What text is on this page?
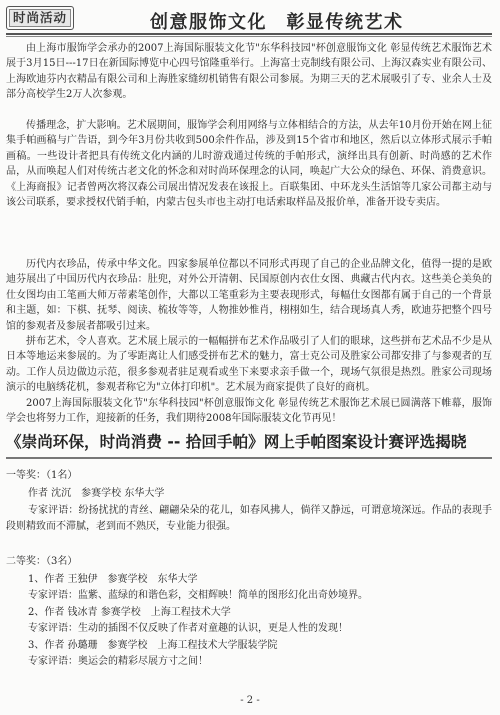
时尚活动	创意服饰文化　彰显传统艺术

由上海市服饰学会承办的2007上海国际服装文化节"东华科技园"杯创意服饰文化 彰显传统艺术服饰艺术展于3月15日---17日在新国际博览中心四号馆隆重举行。上海富士克制线有限公司、上海汉森实业有限公司、上海欧迪芬内衣精品有限公司和上海胜家缝纫机销售有限公司参展。为期三天的艺术展吸引了专、业余人士及部分高校学生2万人次参观。

传播理念，扩大影响。艺术展期间，服饰学会利用网络与立体相结合的方法，从去年10月份开始在网上征集手帕画稿与广告语，到今年3月份共收到500余件作品，涉及到15个省市和地区，然后以立体形式展示手帕画稿。一些设计者把具有传统文化内涵的儿时游戏通过传统的手帕形式，演绎出具有创新、时尚感的艺术作品，从而唤起人们对传统古老文化的怀念和对时尚环保理念的认同，唤起广大公众的绿色、环保、消费意识。《上海商报》记者曾两次将汉森公司展出情况发表在该报上。百联集团、中环龙头生活馆等几家公司都主动与该公司联系，要求授权代销手帕，内蒙古包头市也主动打电话索取样品及报价单，准备开设专卖店。

历代内衣珍品，传承中华文化。四家参展单位都以不同形式再现了自己的企业品牌文化，值得一提的是欧迪芬展出了中国历代内衣珍品：肚兜，对外公开清朝、民国原创内衣仕女图、典藏古代内衣。这些美仑美奂的仕女图均由工笔画大师万蒂素笔创作，大都以工笔重彩为主要表现形式，每幅仕女图都有属于自己的一个背景和主题，如：下棋、抚琴、阅读、梳妆等等，人物推妙惟肖，栩栩如生，结合现场真人秀，欧迪芬把整个四号馆的参观者及参展者都吸引过来。

拼布艺术，令人喜欢。艺术展上展示的一幅幅拼布艺术作品吸引了人们的眼球，这些拼布艺术品不少是从日本等地运来参展的。为了零距离让人们感受拼布艺术的魅力，富士克公司及胜家公司都安排了与参观者的互动。工作人员边做边示范，很多参观者驻足观看或坐下来要求亲手做一个，现场气氛很是热烈。胜家公司现场演示的电脑绣花机，参观者称它为"立体打印机"。艺术展为商家提供了良好的商机。

2007上海国际服装文化节"东华科技园"杯创意服饰文化 彰显传统艺术服饰艺术展已圆满落下帷幕，服饰学会也将努力工作，迎接新的任务，我们期待2008年国际服装文化节再见！

《崇尚环保，时尚消费 -- 拾回手帕》网上手帕图案设计赛评选揭晓
一等奖：（1名）
作者 沈沉　参赛学校 东华大学

专家评语：纷扬扰扰的青丝、翩翩朵朵的花儿，如春风拂人，倘徉又静远，可谓意境深远。作品的表现手段则精致而不滞腻，老到而不熟厌，专业能力很强。

二等奖：（3名）
1、作者 王独伊　参赛学校　东华大学
专家评语：监紫、蓝绿的和谐色彩，交相辉映！简单的图形幻化出奇妙境界。
2、作者 钱冰青 参赛学校　上海工程技术大学
专家评语：生动的插图不仅反映了作者对童趣的认识，更是人性的发现！
3、作者 孙璐珊　参赛学校　上海工程技术大学服装学院
专家评语：奥运会的精彩尽展方寸之间！
- 2 -
